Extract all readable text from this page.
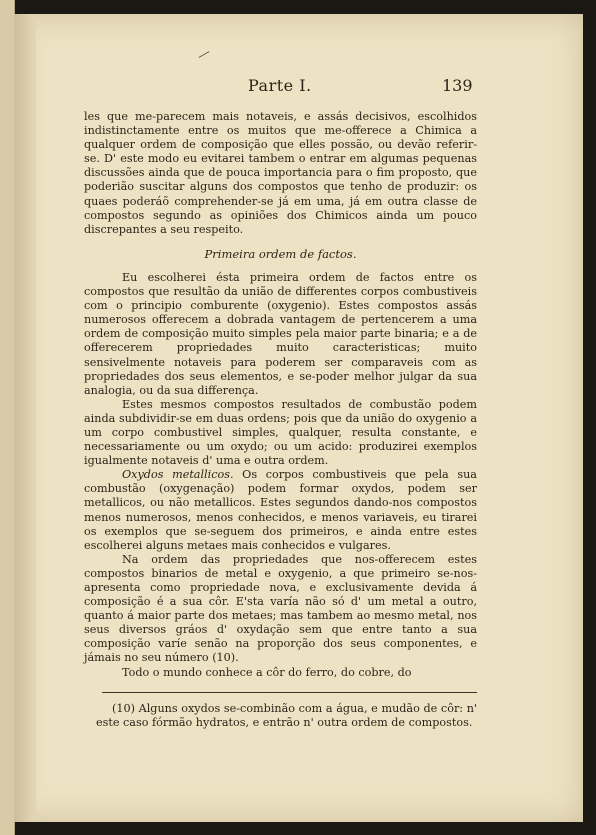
Parte I.	139

les que me-parecem mais notaveis, e assás decisivos, escolhidos indistinctamente entre os muitos que me-offerece a Chimica a qualquer ordem de composição que elles possão, ou devão referir-se. D' este modo eu evitarei tambem o entrar em algumas pequenas discussões ainda que de pouca importancia para o fim proposto, que poderião suscitar alguns dos compostos que tenho de produzir: os quaes poderáõ comprehender-se já em uma, já em outra classe de compostos segundo as opiniões dos Chimicos ainda um pouco discrepantes a seu respeito.

Primeira ordem de factos.

Eu escolherei ésta primeira ordem de factos entre os compostos que resultão da união de differentes corpos combustiveis com o principio comburente (oxygenio). Estes compostos assás numerosos offerecem a dobrada vantagem de pertencerem a uma ordem de composição muito simples pela maior parte binaria; e a de offerecerem propriedades muito caracteristicas; muito sensivelmente notaveis para poderem ser comparaveis com as propriedades dos seus elementos, e se-poder melhor julgar da sua analogia, ou da sua differença.

Estes mesmos compostos resultados de combustão podem ainda subdividir-se em duas ordens; pois que da união do oxygenio a um corpo combustivel simples, qualquer, resulta constante, e necessariamente ou um oxydo; ou um acido: produzirei exemplos igualmente notaveis d' uma e outra ordem.

Oxydos metallicos. Os corpos combustiveis que pela sua combustão (oxygenação) podem formar oxydos, podem ser metallicos, ou não metallicos. Estes segundos dando-nos compostos menos numerosos, menos conhecidos, e menos variaveis, eu tirarei os exemplos que se-seguem dos primeiros, e ainda entre estes escolherei alguns metaes mais conhecidos e vulgares.

Na ordem das propriedades que nos-offerecem estes compostos binarios de metal e oxygenio, a que primeiro se-nos-apresenta como propriedade nova, e exclusivamente devida á composição é a sua côr. E'sta varía não só d' um metal a outro, quanto á maior parte dos metaes; mas tambem ao mesmo metal, nos seus diversos gráos d' oxydação sem que entre tanto a sua composição varíe senão na proporção dos seus componentes, e jámais no seu número (10).

Todo o mundo conhece a côr do ferro, do cobre, do

(10) Alguns oxydos se-combinão com a água, e mudão de côr: n' este caso fórmão hydratos, e entrão n' outra ordem de compostos.
